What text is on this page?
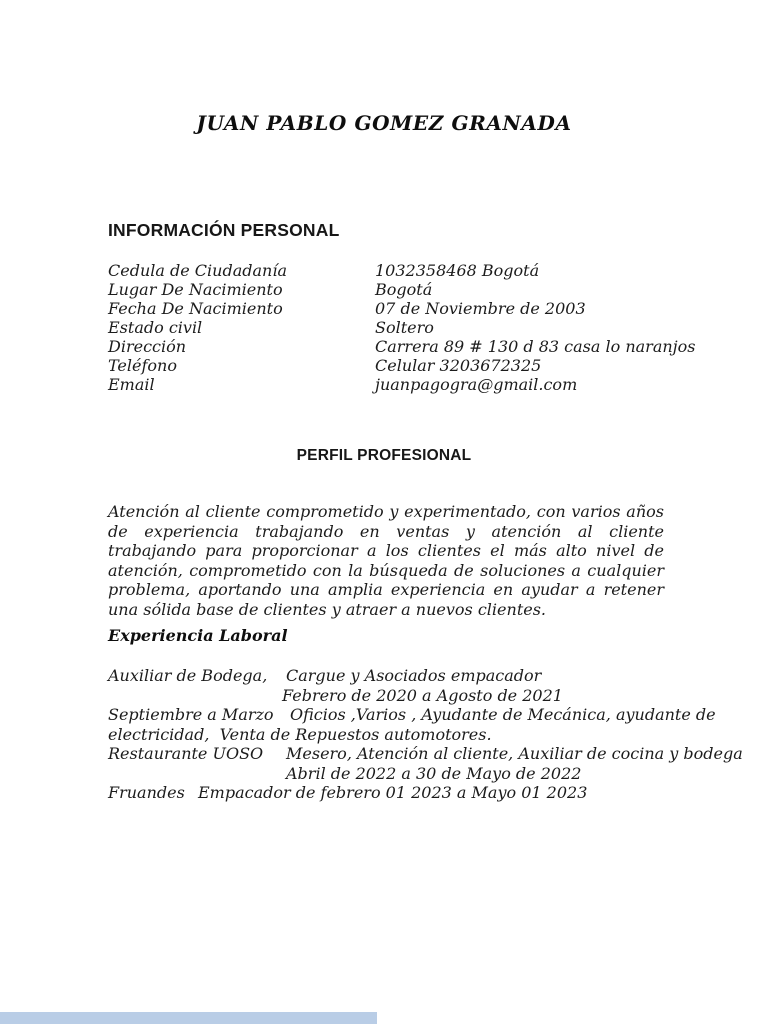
JUAN PABLO GOMEZ GRANADA
INFORMACIÓN PERSONAL
Cedula de Ciudadanía	1032358468 Bogotá
Lugar De Nacimiento	Bogotá
Fecha De Nacimiento	07 de Noviembre de 2003
Estado civil	Soltero
Dirección	Carrera 89 # 130 d 83 casa lo naranjos
Teléfono	Celular 3203672325
Email	juanpagogra@gmail.com
PERFIL PROFESIONAL
Atención al cliente comprometido y experimentado, con varios años de experiencia trabajando en ventas y atención al cliente trabajando para proporcionar a los clientes el más alto nivel de atención, comprometido con la búsqueda de soluciones a cualquier problema, aportando una amplia experiencia en ayudar a retener una sólida base de clientes y atraer a nuevos clientes.
Experiencia Laboral
Auxiliar de Bodega, Cargue y Asociados empacador
Febrero de 2020 a Agosto de 2021
Septiembre a Marzo Oficios ,Varios , Ayudante de Mecánica, ayudante de
electricidad,  Venta de Repuestos automotores.
Restaurante UOSO Mesero, Atención al cliente, Auxiliar de cocina y bodega
Abril de 2022 a 30 de Mayo de 2022
Fruandes Empacador de febrero 01 2023 a Mayo 01 2023
